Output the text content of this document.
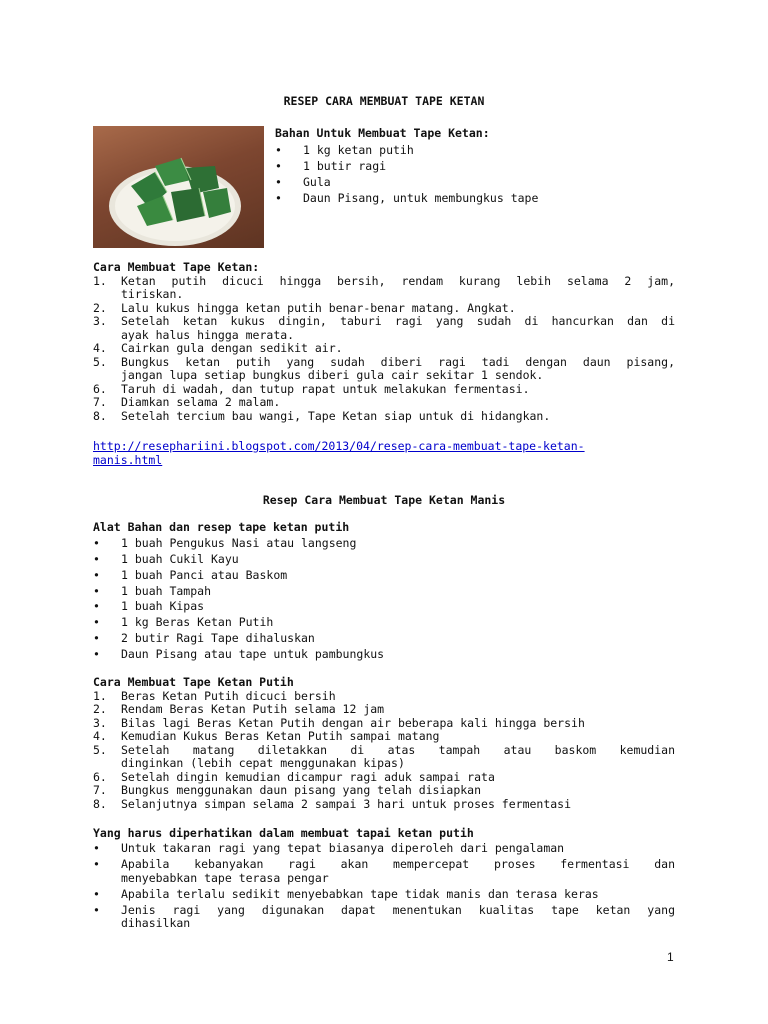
RESEP CARA MEMBUAT TAPE KETAN
Bahan Untuk Membuat Tape Ketan:
•	1 kg ketan putih
•	1 butir ragi
•	Gula
•	Daun Pisang, untuk membungkus tape
Cara Membuat Tape Ketan:
1.	Ketan putih dicuci hingga bersih, rendam kurang lebih selama 2 jam,
tiriskan.
2.	Lalu kukus hingga ketan putih benar-benar matang. Angkat.
3.	Setelah ketan kukus dingin, taburi ragi yang sudah di hancurkan dan di
ayak halus hingga merata.
4.	Cairkan gula dengan sedikit air.
5.	Bungkus ketan putih yang sudah diberi ragi tadi dengan daun pisang,
jangan lupa setiap bungkus diberi gula cair sekitar 1 sendok.
6.	Taruh di wadah, dan tutup rapat untuk melakukan fermentasi.
7.	Diamkan selama 2 malam.
8.	Setelah tercium bau wangi, Tape Ketan siap untuk di hidangkan.
http://resephariini.blogspot.com/2013/04/resep-cara-membuat-tape-ketan-
manis.html
Resep Cara Membuat Tape Ketan Manis
Alat Bahan dan resep tape ketan putih
•	1 buah Pengukus Nasi atau langseng
•	1 buah Cukil Kayu
•	1 buah Panci atau Baskom
•	1 buah Tampah
•	1 buah Kipas
•	1 kg Beras Ketan Putih
•	2 butir Ragi Tape dihaluskan
•	Daun Pisang atau tape untuk pambungkus
Cara Membuat Tape Ketan Putih
1.	Beras Ketan Putih dicuci bersih
2.	Rendam Beras Ketan Putih selama 12 jam
3.	Bilas lagi Beras Ketan Putih dengan air beberapa kali hingga bersih
4.	Kemudian Kukus Beras Ketan Putih sampai matang
5.	Setelah matang diletakkan di atas tampah atau baskom kemudian
dinginkan (lebih cepat menggunakan kipas)
6.	Setelah dingin kemudian dicampur ragi aduk sampai rata
7.	Bungkus menggunakan daun pisang yang telah disiapkan
8.	Selanjutnya simpan selama 2 sampai 3 hari untuk proses fermentasi
Yang harus diperhatikan dalam membuat tapai ketan putih
•	Untuk takaran ragi yang tepat biasanya diperoleh dari pengalaman
•	Apabila kebanyakan ragi akan mempercepat proses fermentasi dan
menyebabkan tape terasa pengar
•	Apabila terlalu sedikit menyebabkan tape tidak manis dan terasa keras
•	Jenis ragi yang digunakan dapat menentukan kualitas tape ketan yang
dihasilkan
1
